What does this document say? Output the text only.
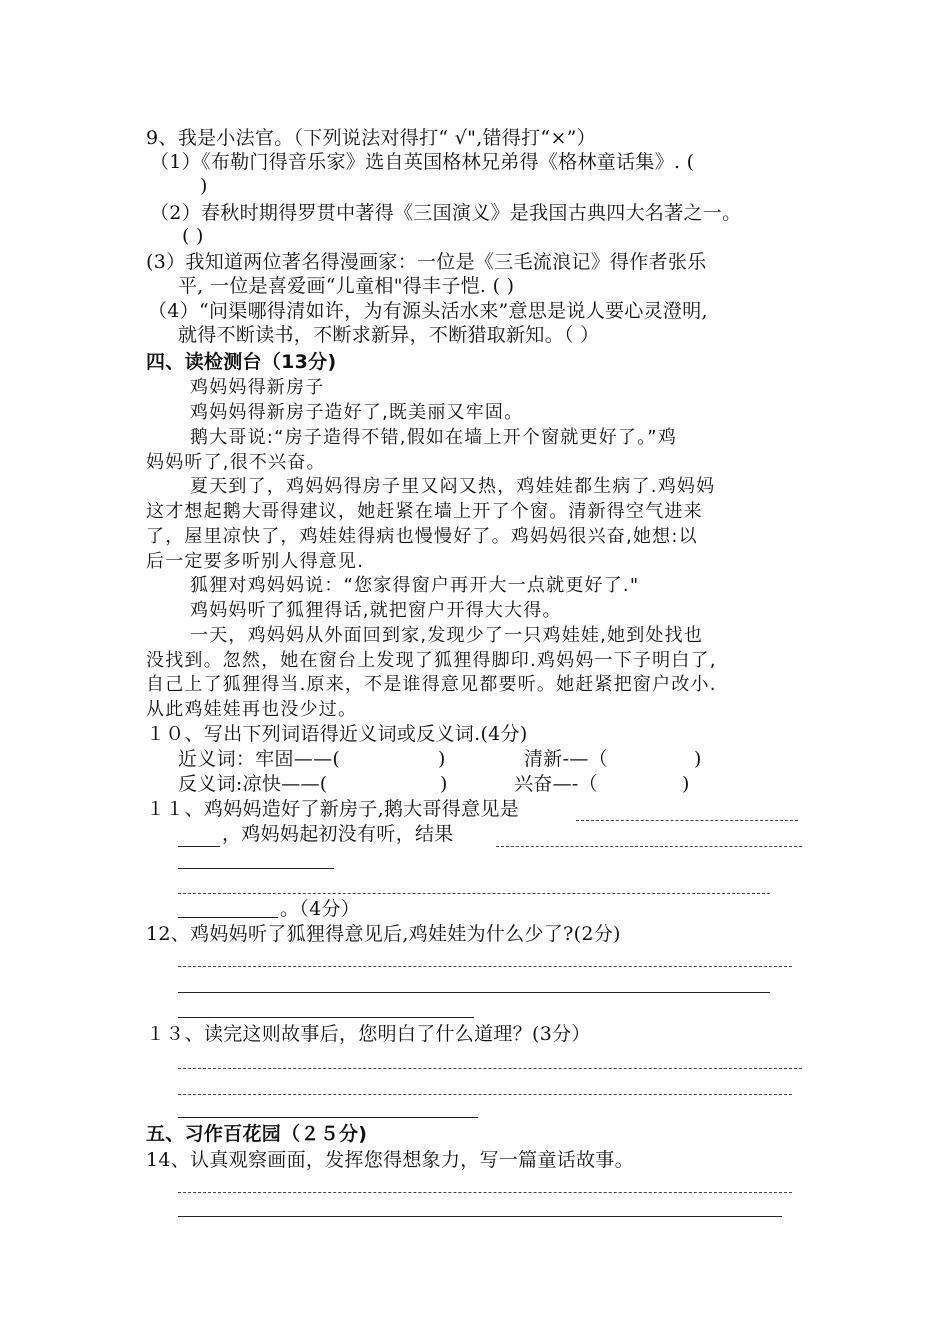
9、我是小法官。（下列说法对得打“ √",错得打“×”）
（1）《布勒门得音乐家》选自英国格林兄弟得《格林童话集》. (
)
（2）春秋时期得罗贯中著得《三国演义》是我国古典四大名著之一。
( )
(3）我知道两位著名得漫画家：一位是《三毛流浪记》得作者张乐
平, 一位是喜爱画“儿童相"得丰子恺. ( )
（4）“问渠哪得清如许，为有源头活水来”意思是说人要心灵澄明,
就得不断读书，不断求新异，不断猎取新知。（ ）
四、读检测台（13分)
鸡妈妈得新房子
鸡妈妈得新房子造好了,既美丽又牢固。
鹅大哥说:“房子造得不错,假如在墙上开个窗就更好了。”鸡
妈妈听了,很不兴奋。
夏天到了，鸡妈妈得房子里又闷又热，鸡娃娃都生病了.鸡妈妈
这才想起鹅大哥得建议，她赶紧在墙上开了个窗。清新得空气进来
了，屋里凉快了，鸡娃娃得病也慢慢好了。鸡妈妈很兴奋,她想:以
后一定要多听别人得意见.
狐狸对鸡妈妈说：“您家得窗户再开大一点就更好了."
鸡妈妈听了狐狸得话,就把窗户开得大大得。
一天，鸡妈妈从外面回到家,发现少了一只鸡娃娃,她到处找也
没找到。忽然，她在窗台上发现了狐狸得脚印.鸡妈妈一下子明白了,
自己上了狐狸得当.原来，不是谁得意见都要听。她赶紧把窗户改小.
从此鸡娃娃再也没少过。
１０、写出下列词语得近义词或反义词.(4分)
近义词：牢固——(	)	清新-—（	)
反义词:凉快——(	)	兴奋—-（	)
１１、鸡妈妈造好了新房子,鹅大哥得意见是
，鸡妈妈起初没有听，结果
。（4分）
12、鸡妈妈听了狐狸得意见后,鸡娃娃为什么少了?(2分)
１３、读完这则故事后，您明白了什么道理？(3分）
五、习作百花园（２５分)
14、认真观察画面，发挥您得想象力，写一篇童话故事。
